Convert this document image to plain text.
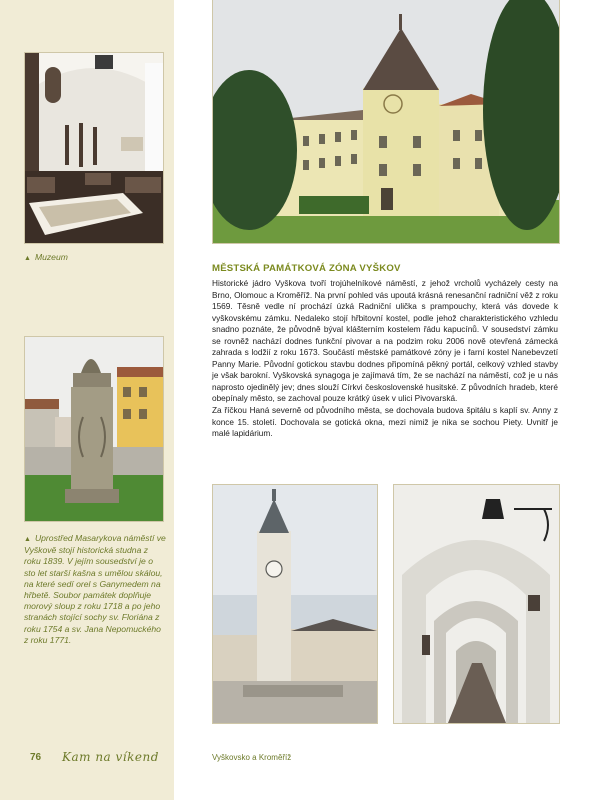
▲ Muzeum
▲ Uprostřed Masarykova náměstí ve Vyškově stojí historická studna z roku 1839. V jejím sousedství je o sto let starší kašna s umělou skálou, na které sedí orel s Ganymedem na hřbetě. Soubor památek doplňuje morový sloup z roku 1718 a po jeho stranách stojící sochy sv. Floriána z roku 1754 a sv. Jana Nepomuckého z roku 1771.
MĚSTSKÁ PAMÁTKOVÁ ZÓNA VYŠKOV

Historické jádro Vyškova tvoří trojúhelníkové náměstí, z jehož vrcholů vycházely cesty na Brno, Olomouc a Kroměříž. Na první pohled vás upoutá krásná renesanční radniční věž z roku 1569. Těsně vedle ní prochází úzká Radniční ulička s prampouchy, která vás dovede k vyškovskému zámku. Nedaleko stojí hřbitovní kostel, podle jehož charakteristického vzhledu snadno poznáte, že původně býval klášterním kostelem řádu kapucínů. V sousedství zámku se rovněž nachází dodnes funkční pivovar a na podzim roku 2006 nově otevřená zámecká zahrada s lodžií z roku 1673. Součástí městské památkové zóny je i farní kostel Nanebevzetí Panny Marie. Původní gotickou stavbu dodnes připomíná pěkný portál, celkový vzhled stavby je však barokní. Vyškovská synagoga je zajímavá tím, že se nachází na náměstí, což je u nás naprosto ojedinělý jev; dnes slouží Církvi československé husitské. Z původních hradeb, které obepínaly město, se zachoval pouze krátký úsek v ulici Pivovarská.

Za říčkou Haná severně od původního města, se dochovala budova špitálu s kaplí sv. Anny z konce 15. století. Dochovala se gotická okna, mezi nimiž je nika se sochou Piety. Uvnitř je malé lapidárium.

76 Kam na víkend	Vyškovsko a Kroměříž
